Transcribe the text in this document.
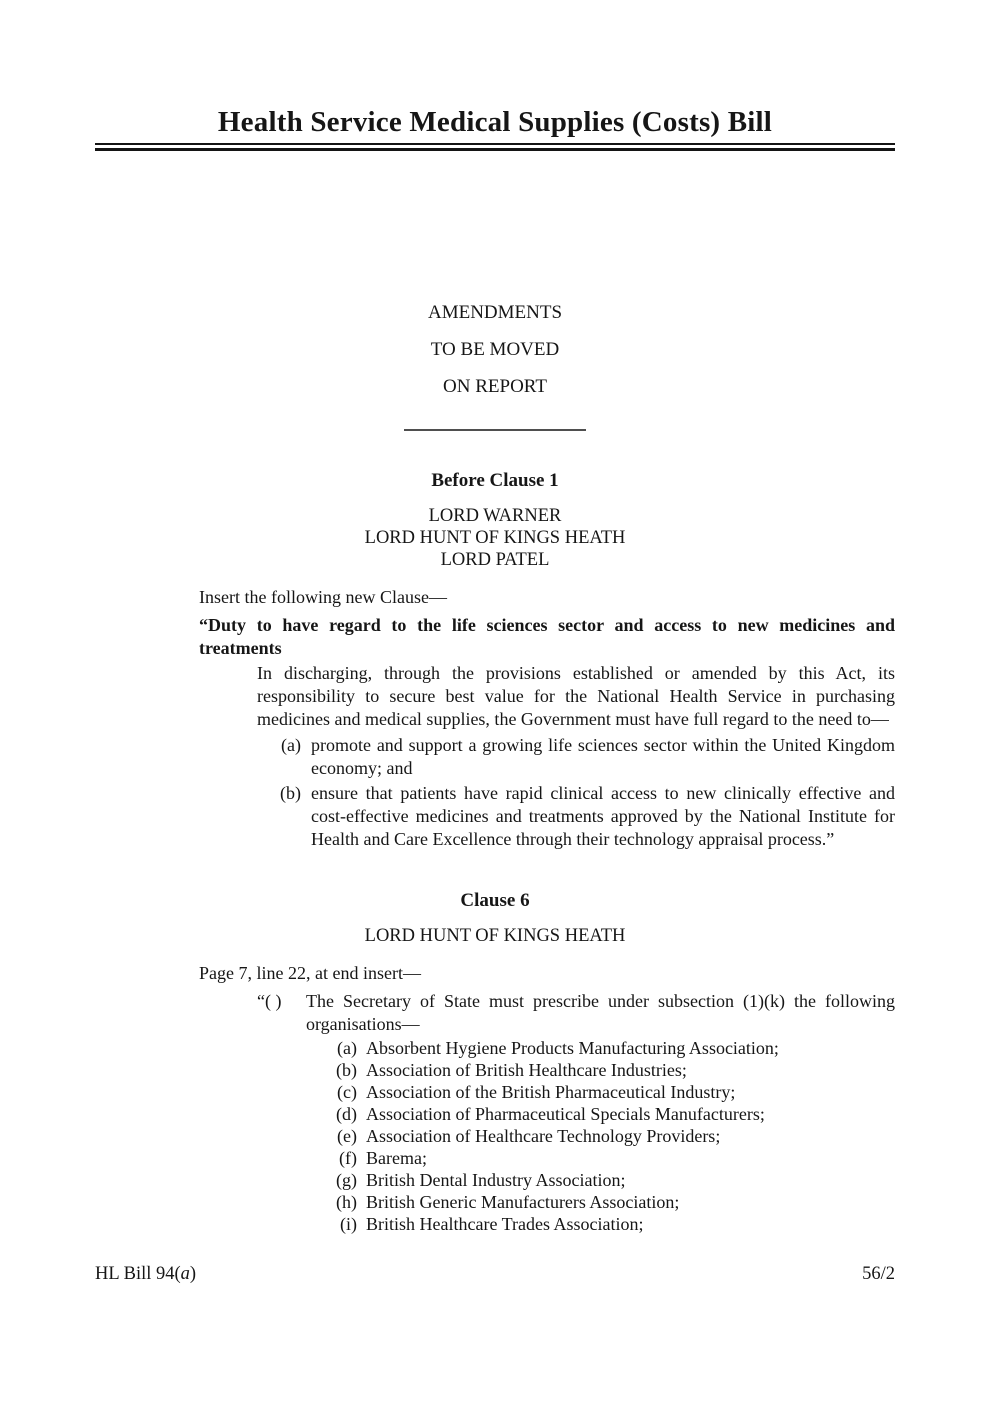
Health Service Medical Supplies (Costs) Bill
AMENDMENTS
TO BE MOVED
ON REPORT
Before Clause 1
LORD WARNER
LORD HUNT OF KINGS HEATH
LORD PATEL
Insert the following new Clause—
“Duty to have regard to the life sciences sector and access to new medicines and treatments
In discharging, through the provisions established or amended by this Act, its responsibility to secure best value for the National Health Service in purchasing medicines and medical supplies, the Government must have full regard to the need to—
(a) promote and support a growing life sciences sector within the United Kingdom economy; and
(b) ensure that patients have rapid clinical access to new clinically effective and cost-effective medicines and treatments approved by the National Institute for Health and Care Excellence through their technology appraisal process.”
Clause 6
LORD HUNT OF KINGS HEATH
Page 7, line 22, at end insert—
“( )	The Secretary of State must prescribe under subsection (1)(k) the following organisations—
(a) Absorbent Hygiene Products Manufacturing Association;
(b) Association of British Healthcare Industries;
(c) Association of the British Pharmaceutical Industry;
(d) Association of Pharmaceutical Specials Manufacturers;
(e) Association of Healthcare Technology Providers;
(f) Barema;
(g) British Dental Industry Association;
(h) British Generic Manufacturers Association;
(i) British Healthcare Trades Association;
HL Bill 94(a)	56/2
